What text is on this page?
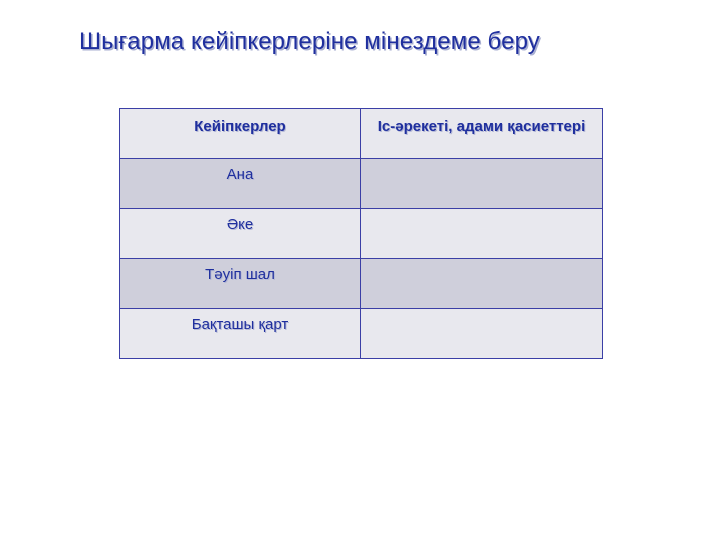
Шығарма кейіпкерлеріне мінездеме беру
Кейіпкерлер	Іс-әрекеті, адами қасиеттері
Ана	
Әке	
Тәуіп шал	
Бақташы қарт	
